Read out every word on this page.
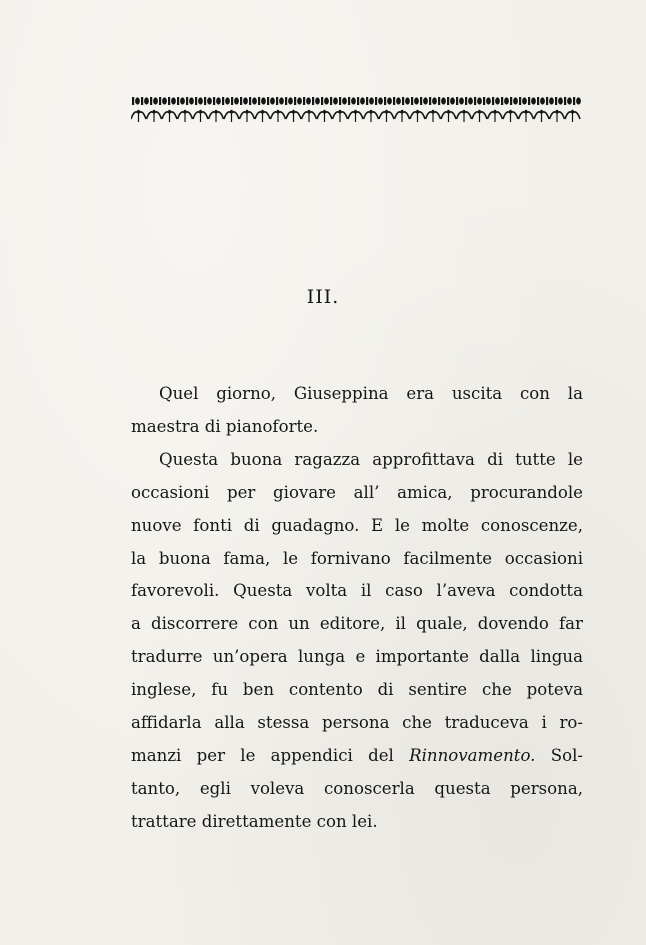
III.
Quel giorno, Giuseppina era uscita con la
maestra di pianoforte.
Questa buona ragazza approfittava di tutte le
occasioni per giovare all’ amica, procurandole
nuove fonti di guadagno. E le molte conoscenze,
la buona fama, le fornivano facilmente occasioni
favorevoli. Questa volta il caso l’aveva condotta
a discorrere con un editore, il quale, dovendo far
tradurre un’opera lunga e importante dalla lingua
inglese, fu ben contento di sentire che poteva
affidarla alla stessa persona che traduceva i ro-
manzi per le appendici del Rinnovamento. Sol-
tanto, egli voleva conoscerla questa persona,
trattare direttamente con lei.
